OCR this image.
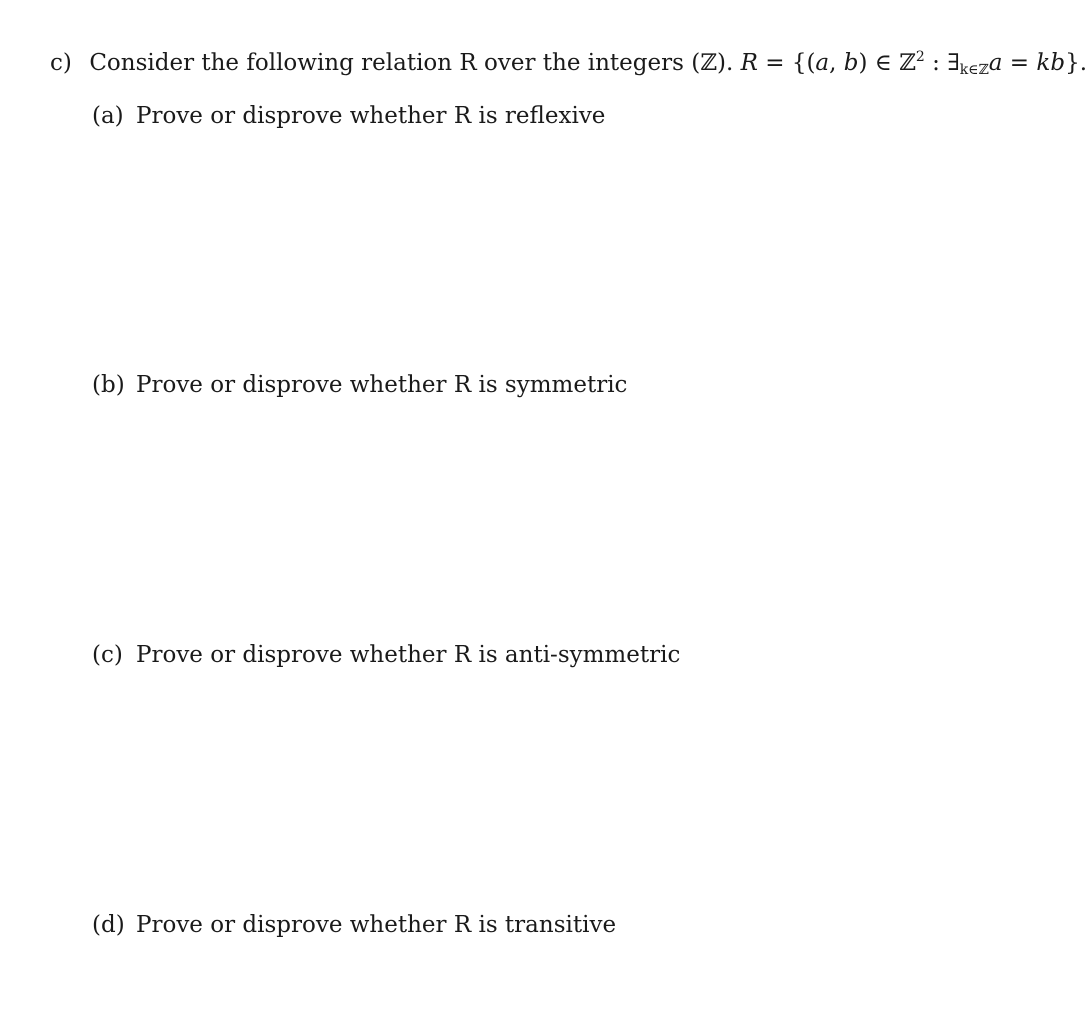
c) Consider the following relation R over the integers (ℤ). R = {(a, b) ∈ ℤ$^2$ : $\exists_{k\in ℤ}a = kb$}.
(a) Prove or disprove whether R is reflexive
(b) Prove or disprove whether R is symmetric
(c) Prove or disprove whether R is anti-symmetric
(d) Prove or disprove whether R is transitive
